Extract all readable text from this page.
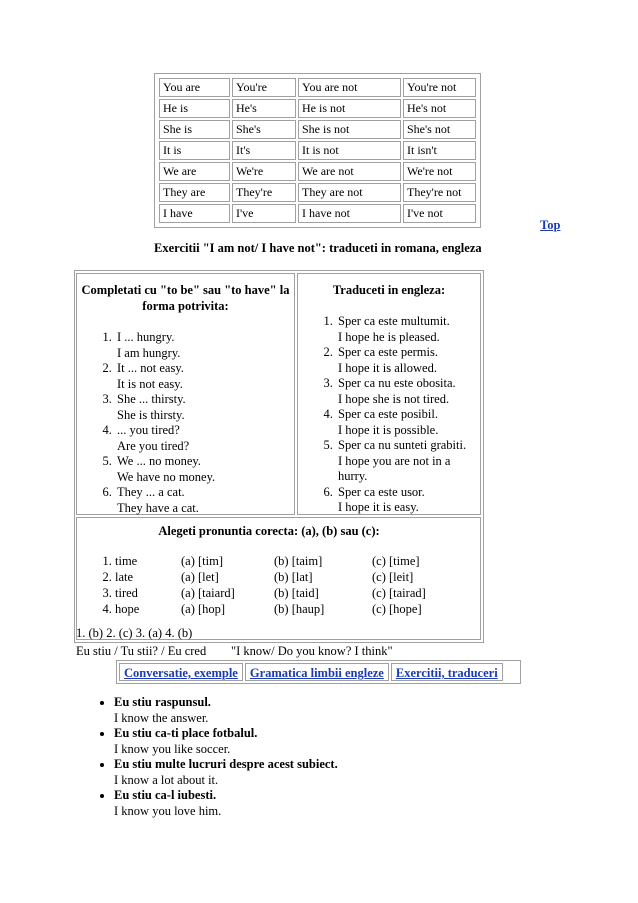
You are	You're	You are not	You're not
He is	He's	He is not	He's not
She is	She's	She is not	She's not
It is	It's	It is not	It isn't
We are	We're	We are not	We're not
They are	They're	They are not	They're not
I have	I've	I have not	I've not
Top
Exercitii "I am not/ I have not": traduceti in romana, engleza
Completati cu "to be" sau "to have" la forma potrivita:
1. I ... hungry.
I am hungry.
2. It ... not easy.
It is not easy.
3. She ... thirsty.
She is thirsty.
4. ... you tired?
Are you tired?
5. We ... no money.
We have no money.
6. They ... a cat.
They have a cat.
Traduceti in engleza:
1. Sper ca este multumit.
I hope he is pleased.
2. Sper ca este permis.
I hope it is allowed.
3. Sper ca nu este obosita.
I hope she is not tired.
4. Sper ca este posibil.
I hope it is possible.
5. Sper ca nu sunteti grabiti.
I hope you are not in a hurry.
6. Sper ca este usor.
I hope it is easy.
Alegeti pronuntia corecta: (a), (b) sau (c):
1. time	(a) [tim]	(b) [taim]	(c) [time]
2. late	(a) [let]	(b) [lat]	(c) [leit]
3. tired	(a) [taiard]	(b) [taid]	(c) [tairad]
4. hope	(a) [hop]	(b) [haup]	(c) [hope]
1. (b) 2. (c) 3. (a) 4. (b)
Eu stiu / Tu stii? / Eu cred "I know/ Do you know? I think"
Conversatie, exemple Gramatica limbii engleze Exercitii, traduceri
• Eu stiu raspunsul.
I know the answer.
• Eu stiu ca-ti place fotbalul.
I know you like soccer.
• Eu stiu multe lucruri despre acest subiect.
I know a lot about it.
• Eu stiu ca-l iubesti.
I know you love him.
